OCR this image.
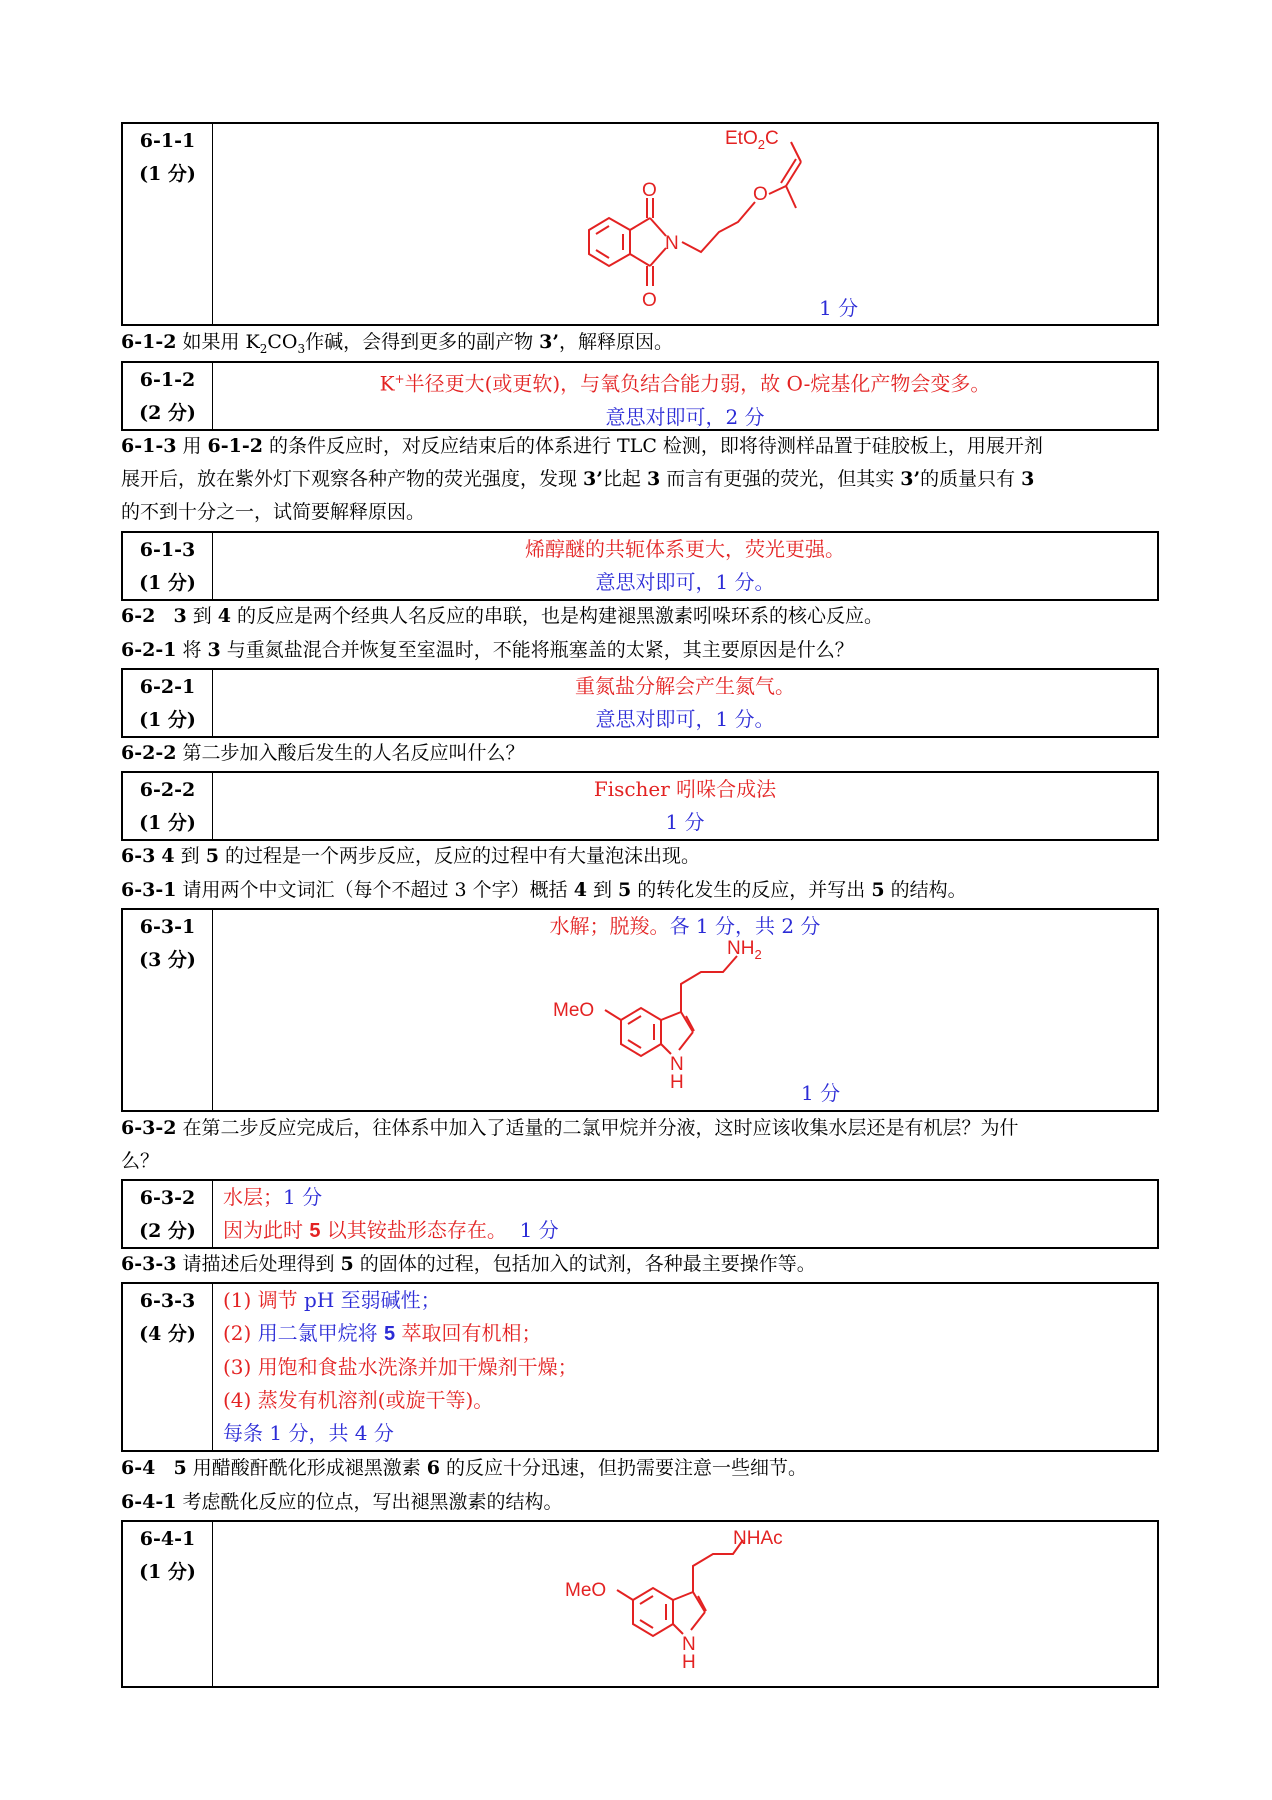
6-1-1
(1 分)
O
O
N
O
EtO$_2$C
1 分
6-1-2 如果用 $K_2CO_3$作碱，会得到更多的副产物 3’，解释原因。
6-1-2
(2 分)
K+半径更大(或更软)，与氧负结合能力弱，故 O-烷基化产物会变多。
意思对即可，2 分
6-1-3 用 6-1-2 的条件反应时，对反应结束后的体系进行 TLC 检测，即将待测样品置于硅胶板上，用展开剂
展开后，放在紫外灯下观察各种产物的荧光强度，发现 3’比起 3 而言有更强的荧光，但其实 3’的质量只有 3
的不到十分之一，试简要解释原因。
6-1-3
(1 分)
烯醇醚的共轭体系更大，荧光更强。
意思对即可，1 分。
6-2 3 到 4 的反应是两个经典人名反应的串联，也是构建褪黑激素吲哚环系的核心反应。
6-2-1 将 3 与重氮盐混合并恢复至室温时，不能将瓶塞盖的太紧，其主要原因是什么？
6-2-1
(1 分)
重氮盐分解会产生氮气。
意思对即可，1 分。
6-2-2 第二步加入酸后发生的人名反应叫什么？
6-2-2
(1 分)
Fischer 吲哚合成法
1 分
6-3 4 到 5 的过程是一个两步反应，反应的过程中有大量泡沫出现。
6-3-1 请用两个中文词汇（每个不超过 3 个字）概括 4 到 5 的转化发生的反应，并写出 5 的结构。
6-3-1
(3 分)
水解；脱羧。各 1 分，共 2 分
N
H
MeO
$NH_2$
1 分
6-3-2 在第二步反应完成后，往体系中加入了适量的二氯甲烷并分液，这时应该收集水层还是有机层？为什
么？
6-3-2
(2 分)
水层；1 分
因为此时 5 以其铵盐形态存在。 1 分
6-3-3 请描述后处理得到 5 的固体的过程，包括加入的试剂，各种最主要操作等。
6-3-3
(4 分)
(1) 调节 pH 至弱碱性；
(2) 用二氯甲烷将 5 萃取回有机相；
(3) 用饱和食盐水洗涤并加干燥剂干燥；
(4) 蒸发有机溶剂(或旋干等)。
每条 1 分，共 4 分
6-4 5 用醋酸酐酰化形成褪黑激素 6 的反应十分迅速，但扔需要注意一些细节。
6-4-1 考虑酰化反应的位点，写出褪黑激素的结构。
6-4-1
(1 分)
N
H
MeO
NHAc
